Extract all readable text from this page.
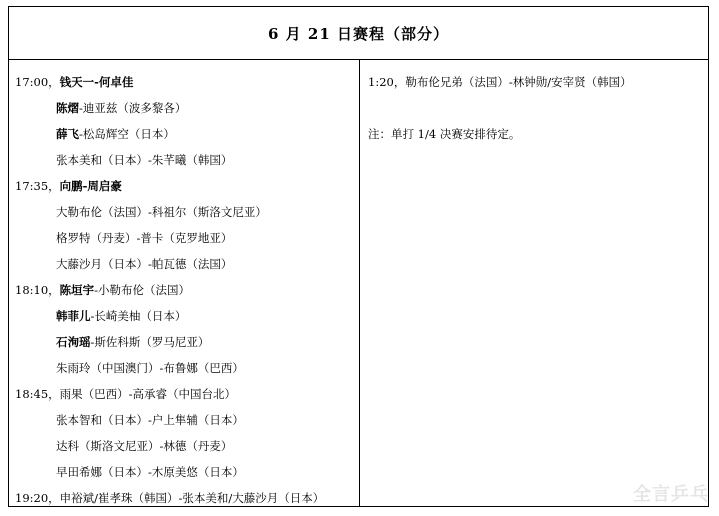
6 月 21 日赛程（部分）
17:00，钱天一-何卓佳
陈熠-迪亚兹（波多黎各）
薛飞-松岛辉空（日本）
张本美和（日本）-朱芊曦（韩国）
17:35，向鹏-周启豪
大勒布伦（法国）-科祖尔（斯洛文尼亚）
格罗特（丹麦）-普卡（克罗地亚）
大藤沙月（日本）-帕瓦德（法国）
18:10，陈垣宇-小勒布伦（法国）
韩菲儿-长崎美柚（日本）
石洵瑶-斯佐科斯（罗马尼亚）
朱雨玲（中国澳门）-布鲁娜（巴西）
18:45，雨果（巴西）-高承睿（中国台北）
张本智和（日本）-户上隼辅（日本）
达科（斯洛文尼亚）-林德（丹麦）
早田希娜（日本）-木原美悠（日本）
19:20，申裕斌/崔孝珠（韩国）-张本美和/大藤沙月（日本）
1:20，勒布伦兄弟（法国）-林钟勋/安宰贤（韩国）
注：单打 1/4 决赛安排待定。
全言乒乓
